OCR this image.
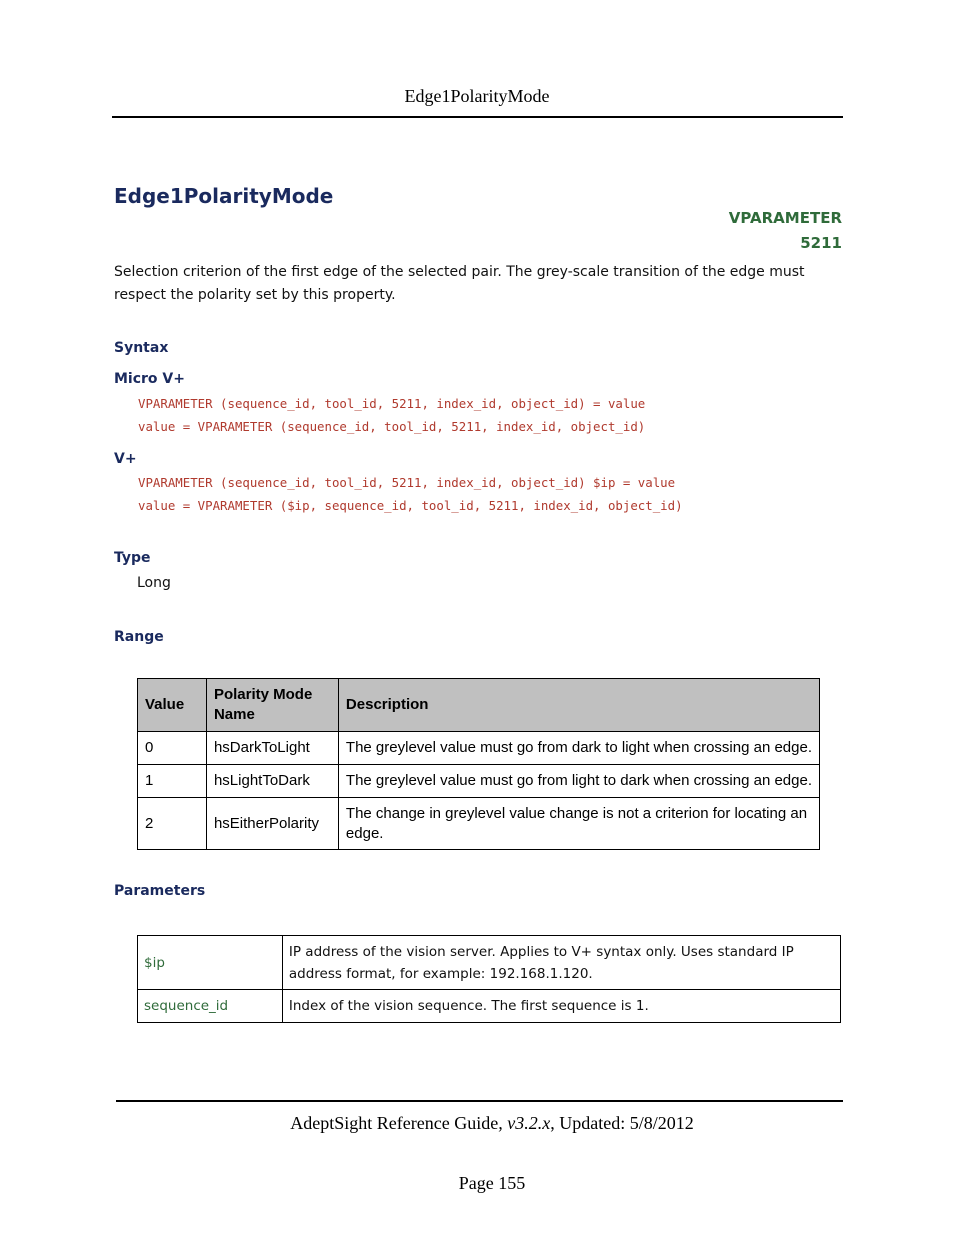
Edge1PolarityMode
Edge1PolarityMode
VPARAMETER
5211
Selection criterion of the first edge of the selected pair. The grey-scale transition of the edge must respect the polarity set by this property.
Syntax
Micro V+
VPARAMETER (sequence_id, tool_id, 5211, index_id, object_id) = value
value = VPARAMETER (sequence_id, tool_id, 5211, index_id, object_id)
V+
VPARAMETER (sequence_id, tool_id, 5211, index_id, object_id) $ip = value
value = VPARAMETER ($ip, sequence_id, tool_id, 5211, index_id, object_id)
Type
Long
Range
Value	Polarity Mode Name	Description
0	hsDarkToLight	The greylevel value must go from dark to light when crossing an edge.
1	hsLightToDark	The greylevel value must go from light to dark when crossing an edge.
2	hsEitherPolarity	The change in greylevel value change is not a criterion for locating an edge.
Parameters
$ip	IP address of the vision server. Applies to V+ syntax only. Uses standard IP address format, for example: 192.168.1.120.
sequence_id	Index of the vision sequence. The first sequence is 1.
AdeptSight Reference Guide, v3.2.x, Updated: 5/8/2012
Page 155
